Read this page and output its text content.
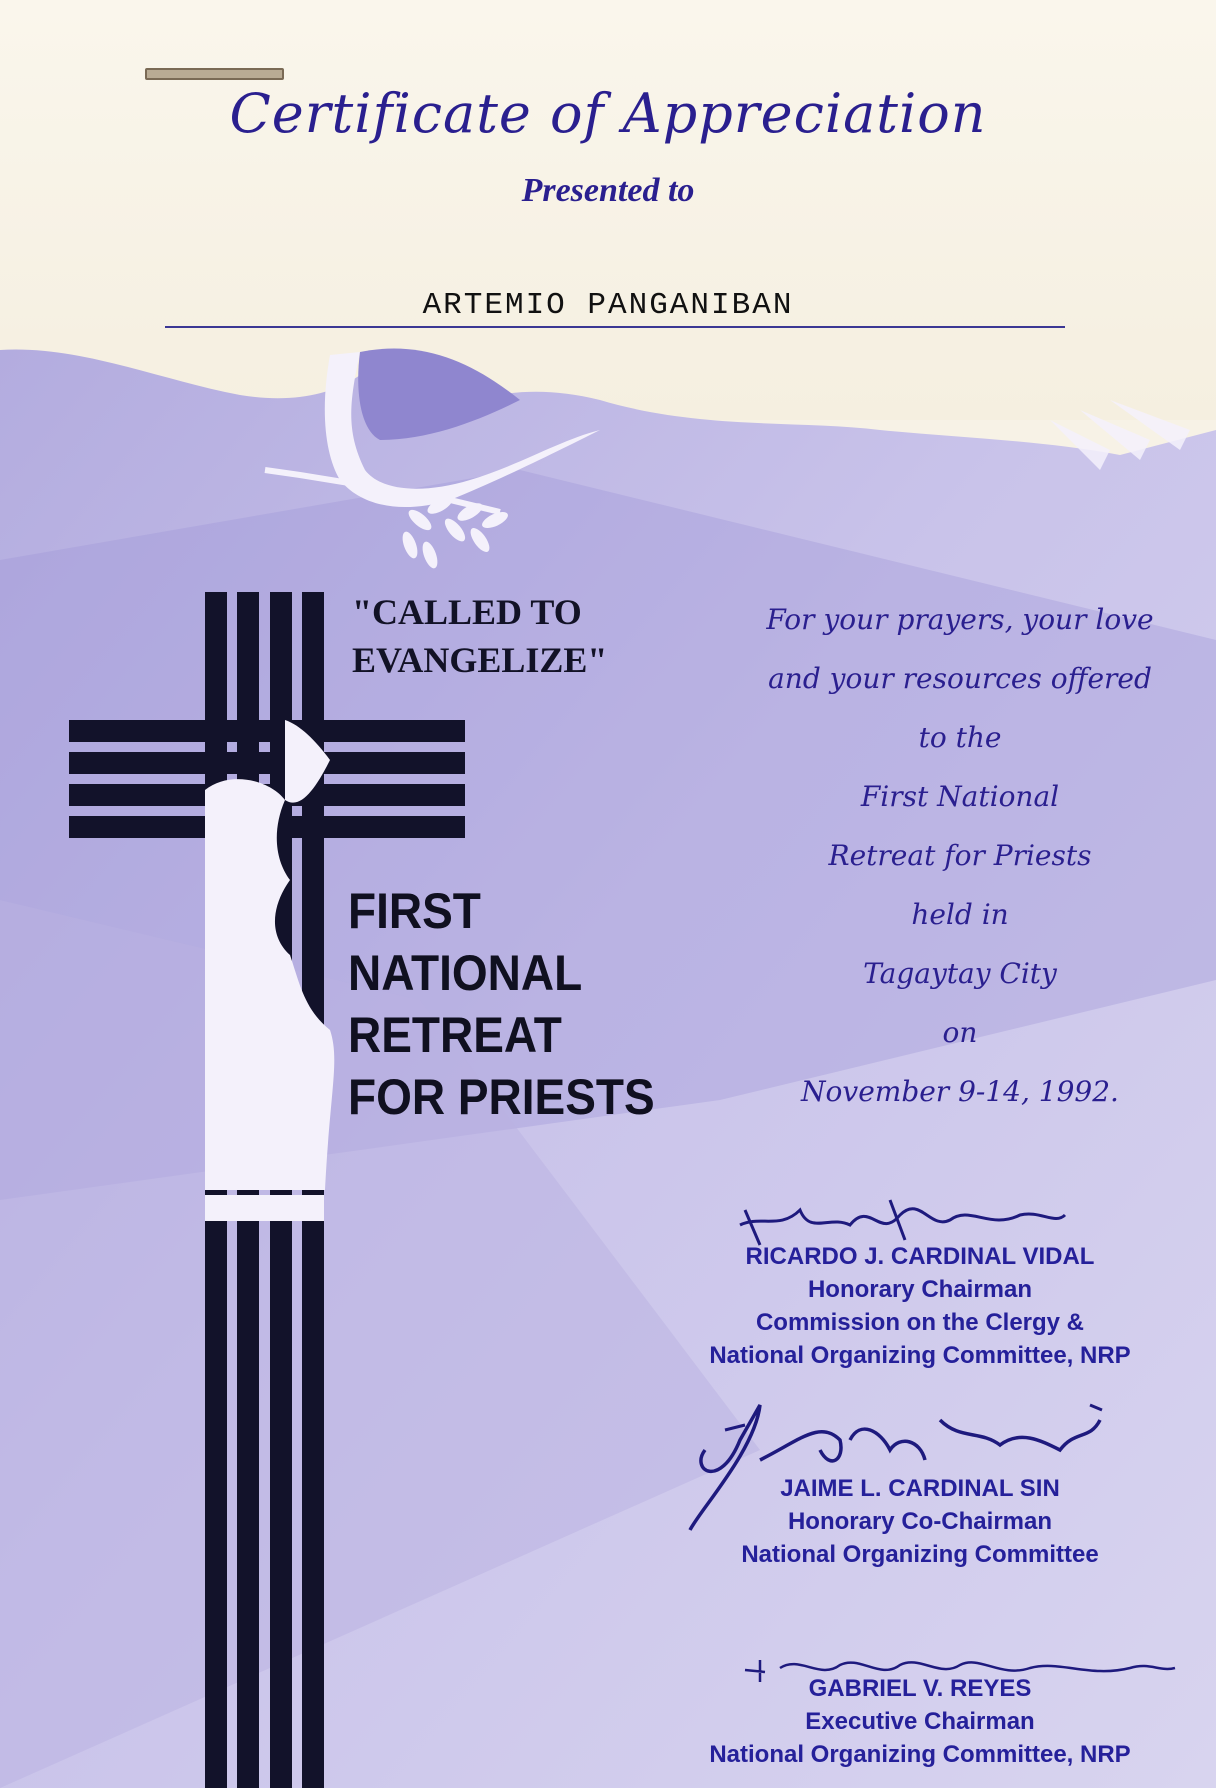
Certificate of Appreciation
Presented to
ARTEMIO PANGANIBAN
"CALLED TO
EVANGELIZE"
FIRST
NATIONAL
RETREAT
FOR PRIESTS
For your prayers, your love
and your resources offered
to the
First National
Retreat for Priests
held in
Tagaytay City
on
November 9-14, 1992.
RICARDO J. CARDINAL VIDAL
Honorary Chairman
Commission on the Clergy &
National Organizing Committee, NRP
JAIME L. CARDINAL SIN
Honorary Co-Chairman
National Organizing Committee
GABRIEL V. REYES
Executive Chairman
National Organizing Committee, NRP
